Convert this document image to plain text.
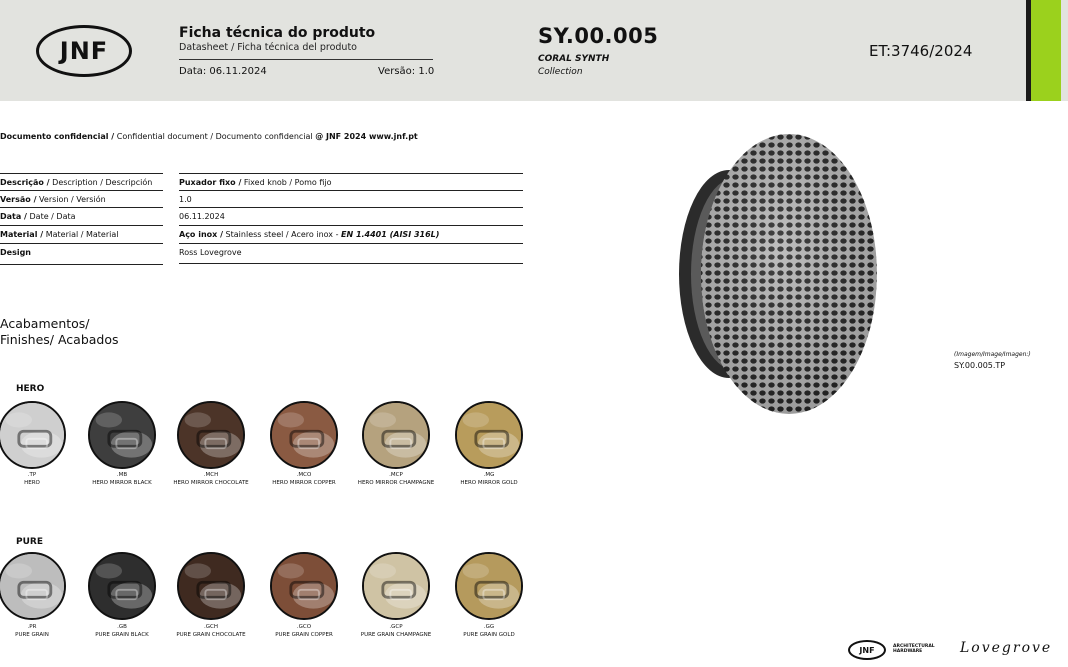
JNF
Ficha técnica do produto
Datasheet / Ficha técnica del produto
Data: 06.11.2024	Versão: 1.0
SY.00.005
CORAL SYNTH
Collection
ET:3746/2024
Documento confidencial / Confidential document / Documento confidencial @ JNF 2024 www.jnf.pt
Descrição / Description / Descripción	Puxador fixo / Fixed knob / Pomo fijo
Versão / Version / Versión	1.0
Data / Date / Data	06.11.2024
Material / Material / Material	Aço inox / Stainless steel / Acero inox - EN 1.4401 (AISI 316L)
Design	Ross Lovegrove
Acabamentos/
Finishes/ Acabados
HERO
.TP
HERO
.MB
HERO MIRROR BLACK
.MCH
HERO MIRROR CHOCOLATE
.MCO
HERO MIRROR COPPER
.MCP
HERO MIRROR CHAMPAGNE
.MG
HERO MIRROR GOLD
PURE
.PR
PURE GRAIN
.GB
PURE GRAIN BLACK
.GCH
PURE GRAIN CHOCOLATE
.GCO
PURE GRAIN COPPER
.GCP
PURE GRAIN CHAMPAGNE
.GG
PURE GRAIN GOLD
(Imagem/Image/Imagen:)
SY.00.005.TP
JNF	ARCHITECTURAL
HARDWARE	Lovegrove
